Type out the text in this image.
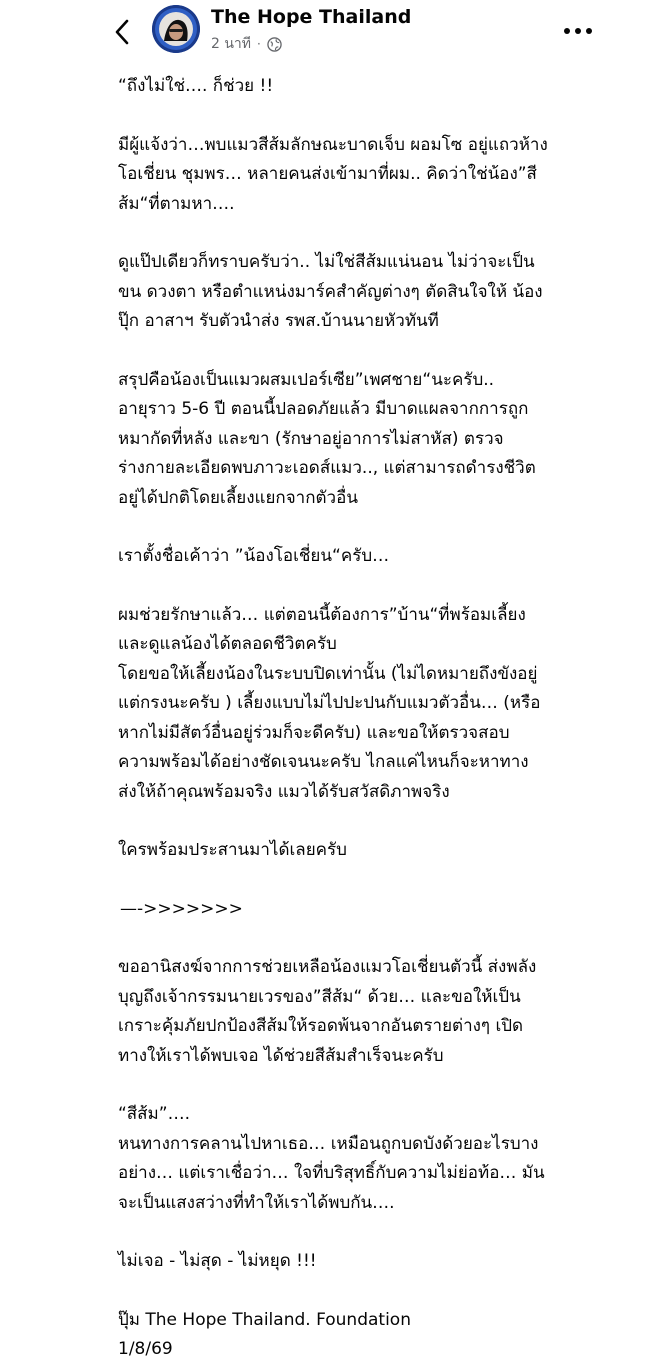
The Hope Thailand
2 นาที ·

“ถึงไม่ใช่…. ก็ช่วย !!

มีผู้แจ้งว่า…พบแมวสีส้มลักษณะบาดเจ็บ ผอมโซ อยู่แถวห้าง
โอเชี่ยน ชุมพร… หลายคนส่งเข้ามาที่ผม.. คิดว่าใช่น้อง”สี
ส้ม“ที่ตามหา….

ดูแป๊ปเดียวก็ทราบครับว่า.. ไม่ใช่สีส้มแน่นอน ไม่ว่าจะเป็น
ขน ดวงตา หรือตำแหน่งมาร์คสำคัญต่างๆ ตัดสินใจให้ น้อง
ปุ๊ก อาสาฯ รับตัวนำส่ง รพส.บ้านนายหัวทันที

สรุปคือน้องเป็นแมวผสมเปอร์เซีย”เพศชาย“นะครับ..
อายุราว 5-6 ปี ตอนนี้ปลอดภัยแล้ว มีบาดแผลจากการถูก
หมากัดที่หลัง และขา (รักษาอยู่อาการไม่สาหัส) ตรวจ
ร่างกายละเอียดพบภาวะเอดส์แมว.., แต่สามารถดำรงชีวิต
อยู่ได้ปกติโดยเลี้ยงแยกจากตัวอื่น

เราตั้งชื่อเค้าว่า ”น้องโอเชี่ยน“ครับ…

ผมช่วยรักษาแล้ว… แต่ตอนนี้ต้องการ”บ้าน“ที่พร้อมเลี้ยง
และดูแลน้องได้ตลอดชีวิตครับ
โดยขอให้เลี้ยงน้องในระบบปิดเท่านั้น (ไม่ไดหมายถึงขังอยู่
แต่กรงนะครับ ) เลี้ยงแบบไม่ไปปะปนกับแมวตัวอื่น… (หรือ
หากไม่มีสัตว์อื่นอยู่ร่วมก็จะดีครับ) และขอให้ตรวจสอบ
ความพร้อมได้อย่างชัดเจนนะครับ ไกลแค่ไหนก็จะหาทาง
ส่งให้ถ้าคุณพร้อมจริง แมวได้รับสวัสดิภาพจริง

ใครพร้อมประสานมาได้เลยครับ

—->>>>>>>

ขออานิสงฆ์จากการช่วยเหลือน้องแมวโอเชี่ยนตัวนี้ ส่งพลัง
บุญถึงเจ้ากรรมนายเวรของ”สีส้ม“ ด้วย… และขอให้เป็น
เกราะคุ้มภัยปกป้องสีส้มให้รอดพ้นจากอันตรายต่างๆ เปิด
ทางให้เราได้พบเจอ ได้ช่วยสีส้มสำเร็จนะครับ

“สีส้ม”….
หนทางการคลานไปหาเธอ… เหมือนถูกบดบังด้วยอะไรบาง
อย่าง… แต่เราเชื่อว่า… ใจที่บริสุทธิ์กับความไม่ย่อท้อ… มัน
จะเป็นแสงสว่างที่ทำให้เราได้พบกัน….

ไม่เจอ - ไม่สุด - ไม่หยุด !!!

ปุ๊ม The Hope Thailand. Foundation
1/8/69
